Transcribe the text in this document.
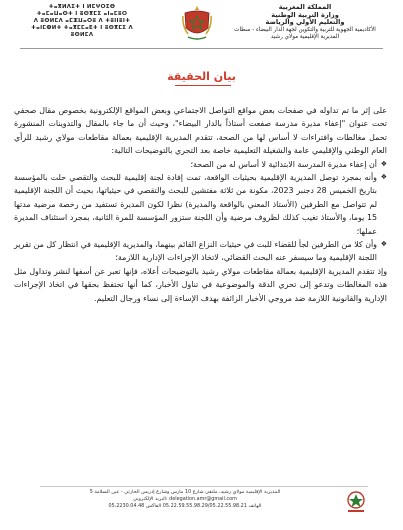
ⵜⴰⴳⵍⴷⵉⵜ ⵏ ⵍⵎⵖⵔⵉⴱ
ⵜⴰⵎⴰⵡⴰⵙⵜ ⵏ ⵓⵙⴳⵎⵉ ⴰⵏⴰⵎⵓⵔ
ⴷ ⵓⵙⵍⵎⴷ ⴰⵎⵣⵡⴰⵔⵓ ⴷ ⵜⵓⵏⵏⵓⵏⵜ
ⵜⴰⵏⵎⵀⵍⵜ ⵜⴰⴳⵎⵎⴰⴹⵜ ⵏ ⵓⵙⴳⵎⵉ ⴷ ⵓⵙⵍⵎⴷ
المملكة المغربية
وزارة التربية الوطنية
والتعليم الأولي والرياضة
الأكاديمية الجهوية للتربية والتكوين لجهة الدار البيضاء - سطات
المديرية الإقليمية مولاي رشيد
بيان الحقيقة

على إثر ما تم تداوله في صفحات بعض مواقع التواصل الاجتماعي وبعض المواقع الإلكترونية بخصوص مقال صحفي تحت عنوان "إعفاء مديرة مدرسة صفعت أستاذاً بالدار البيضاء"، وحيث أن ما جاء بالمقال والتدوينات المنشورة تحمل مغالطات وافتراءات لا أساس لها من الصحة، تتقدم المديرية الإقليمية بعمالة مقاطعات مولاي رشيد للرأي العام الوطني والإقليمي عامة والشغيلة التعليمية خاصة بعد التحري بالتوضيحات التالية:

❖
أن إعفاء مديرة المدرسة الابتدائية لا أساس له من الصحة؛
❖
وأنه بمجرد توصل المديرية الإقليمية بحيثيات الواقعة، تمت إفادة لجنة إقليمية للبحث والتقصي حلت بالمؤسسة بتاريخ الخميس 28 دجنبر 2023، مكونة من ثلاثة مفتشين للبحث والتقصي في حيثياتها، بحيث أن اللجنة الإقليمية لم تتواصل مع الطرفين (الأستاذ المعني بالواقعة والمديرة) نظرا لكون المديرة تستفيد من رخصة مرضية مدتها 15 يوما، والأستاذ تغيب كذلك لظروف مرضية وأن اللجنة ستزور المؤسسة للمرة الثانية، بمجرد استئناف المديرة عملها؛
❖
وأن كلا من الطرفين لجأ للقضاء للبت في حيثيات النزاع القائم بينهما، والمديرية الإقليمية في انتظار كل من تقرير اللجنة الإقليمية وما سيسفر عنه البحث القضائي، لاتخاذ الإجراءات الإدارية اللازمة؛

وإذ تتقدم المديرية الإقليمية بعمالة مقاطعات مولاي رشيد بالتوضيحات أعلاه، فإنها تعبر عن أسفها لنشر وتداول مثل هذه المغالطات وتدعو إلى تحري الدقة والموضوعية في تناول الأخبار، كما أنها تحتفظ بحقها في اتخاذ الإجراءات الإدارية والقانونية اللازمة ضد مروجي الأخبار الزائفة بهدف الإساءة إلى نساء ورجال التعليم.

المديرية الإقليمية مولاي رشيد، ملتقى شارع 10 مارس وشارع إدريس الحارثي - عين السلامة 5
delegation.amr@gmail.com :البريد الإلكتروني
الهاتف 05.22.59.55.98.29/05.22.55.98.21 الفاكس 05.2230.04.48
